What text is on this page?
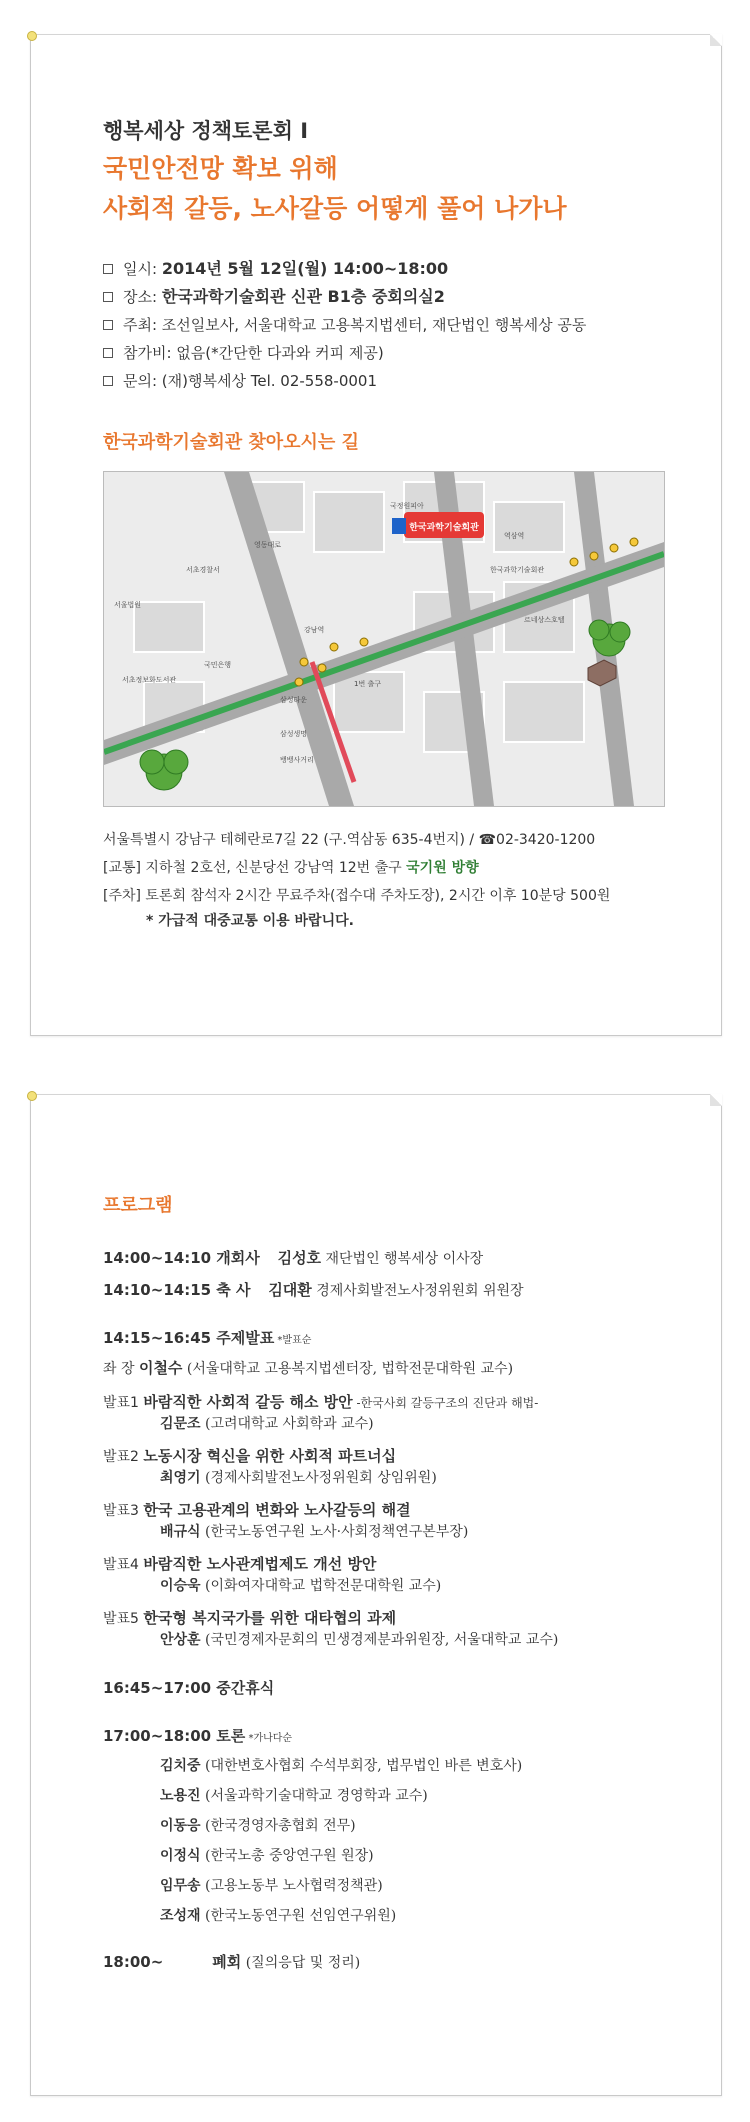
행복세상 정책토론회 Ⅰ
국민안전망 확보 위해
사회적 갈등, 노사갈등 어떻게 풀어 나가나
일시: 2014년 5월 12일(월) 14:00~18:00
장소: 한국과학기술회관 신관 B1층 중회의실2
주최: 조선일보사, 서울대학교 고용복지법센터, 재단법인 행복세상 공동
참가비: 없음(*간단한 다과와 커피 제공)
문의: (재)행복세상 Tel. 02-558-0001
한국과학기술회관 찾아오시는 길
한국과학기술회관
국정원피아
영동대로
한국과학기술회관
서울법원
서초경찰서
서초정보화도서관
국민은행
삼성타운
삼성생명
역삼역
강남역
뱅뱅사거리
르네상스호텔
1번 출구
서울특별시 강남구 테헤란로7길 22 (구.역삼동 635-4번지) / ☎02-3420-1200
[교통] 지하철 2호선, 신분당선 강남역 12번 출구 국기원 방향
[주차] 토론회 참석자 2시간 무료주차(접수대 주차도장), 2시간 이후 10분당 500원
* 가급적 대중교통 이용 바랍니다.
프로그램
14:00~14:10 개회사 김성호 재단법인 행복세상 이사장
14:10~14:15 축 사 김대환 경제사회발전노사정위원회 위원장
14:15~16:45 주제발표 *발표순
좌 장 이철수 (서울대학교 고용복지법센터장, 법학전문대학원 교수)
발표1 바람직한 사회적 갈등 해소 방안 -한국사회 갈등구조의 진단과 해법-
김문조 (고려대학교 사회학과 교수)
발표2 노동시장 혁신을 위한 사회적 파트너십
최영기 (경제사회발전노사정위원회 상임위원)
발표3 한국 고용관계의 변화와 노사갈등의 해결
배규식 (한국노동연구원 노사·사회정책연구본부장)
발표4 바람직한 노사관계법제도 개선 방안
이승욱 (이화여자대학교 법학전문대학원 교수)
발표5 한국형 복지국가를 위한 대타협의 과제
안상훈 (국민경제자문회의 민생경제분과위원장, 서울대학교 교수)
16:45~17:00 중간휴식
17:00~18:00 토론 *가나다순
김치중 (대한변호사협회 수석부회장, 법무법인 바른 변호사)
노용진 (서울과학기술대학교 경영학과 교수)
이동응 (한국경영자총협회 전무)
이정식 (한국노총 중앙연구원 원장)
임무송 (고용노동부 노사협력정책관)
조성재 (한국노동연구원 선임연구위원)
18:00~	폐회 (질의응답 및 정리)
